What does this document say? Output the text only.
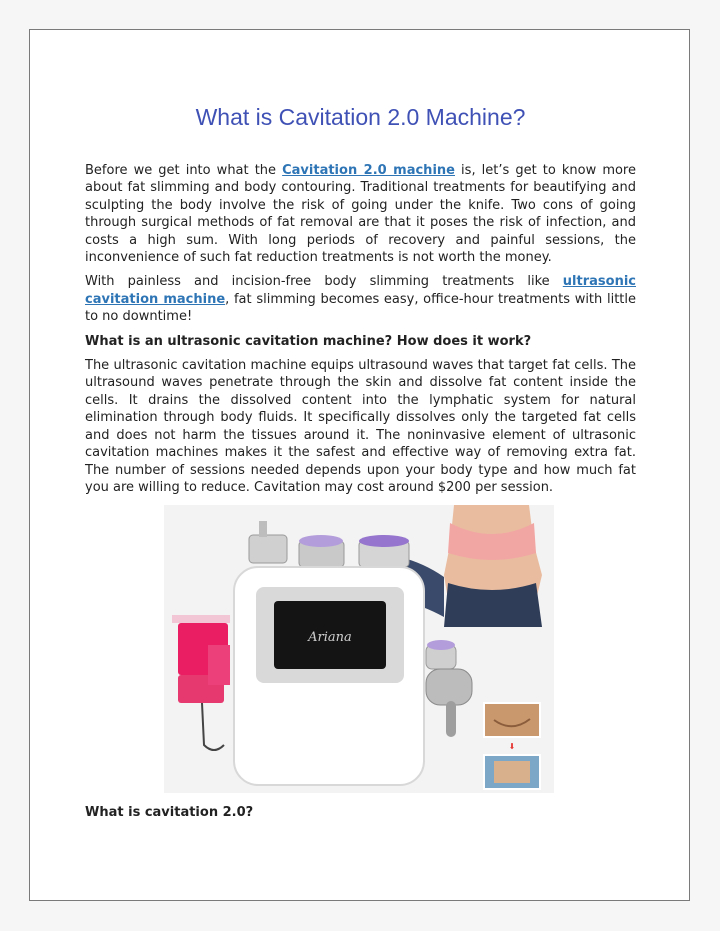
What is Cavitation 2.0 Machine?

Before we get into what the Cavitation 2.0 machine is, let’s get to know more about fat slimming and body contouring. Traditional treatments for beautifying and sculpting the body involve the risk of going under the knife. Two cons of going through surgical methods of fat removal are that it poses the risk of infection, and costs a high sum. With long periods of recovery and painful sessions, the inconvenience of such fat reduction treatments is not worth the money.

With painless and incision-free body slimming treatments like ultrasonic cavitation machine, fat slimming becomes easy, office-hour treatments with little to no downtime!

What is an ultrasonic cavitation machine? How does it work?

The ultrasonic cavitation machine equips ultrasound waves that target fat cells. The ultrasound waves penetrate through the skin and dissolve fat content inside the cells. It drains the dissolved content into the lymphatic system for natural elimination through body fluids. It specifically dissolves only the targeted fat cells and does not harm the tissues around it. The noninvasive element of ultrasonic cavitation machines makes it the safest and effective way of removing extra fat. The number of sessions needed depends upon your body type and how much fat you are willing to reduce. Cavitation may cost around $200 per session.

⬇
Ariana
What is cavitation 2.0?
